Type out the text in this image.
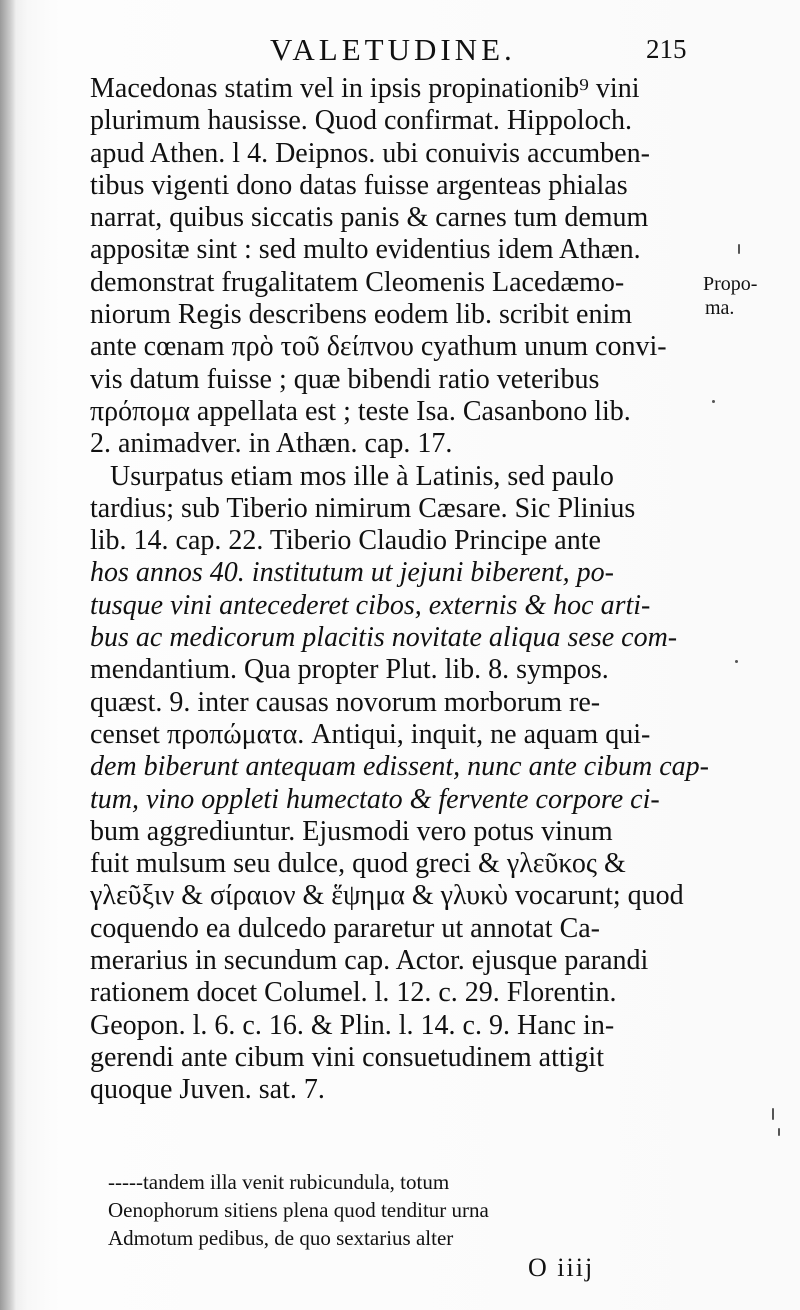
VALETUDINE.	215
Macedonas statim vel in ipsis propinationib⁹ vini
plurimum hausisse. Quod confirmat. Hippoloch.
apud Athen. l 4. Deipnos. ubi conuivis accumben-
tibus vigenti dono datas fuisse argenteas phialas
narrat, quibus siccatis panis & carnes tum demum
appositæ sint : sed multo evidentius idem Athæn.
demonstrat frugalitatem Cleomenis Lacedæmo-
niorum Regis describens eodem lib. scribit enim
ante cœnam πρὸ τοῦ δείπνου cyathum unum convi-
vis datum fuisse ; quæ bibendi ratio veteribus
πρόπομα appellata est ; teste Isa. Casanbono lib.
2. animadver. in Athæn. cap. 17.
Usurpatus etiam mos ille à Latinis, sed paulo
tardius; sub Tiberio nimirum Cæsare. Sic Plinius
lib. 14. cap. 22. Tiberio Claudio Principe ante
hos annos 40. institutum ut jejuni biberent, po-
tusque vini antecederet cibos, externis & hoc arti-
bus ac medicorum placitis novitate aliqua sese com-
mendantium. Qua propter Plut. lib. 8. sympos.
quæst. 9. inter causas novorum morborum re-
censet προπώματα. Antiqui, inquit, ne aquam qui-
dem biberunt antequam edissent, nunc ante cibum cap-
tum, vino oppleti humectato & fervente corpore ci-
bum aggrediuntur. Ejusmodi vero potus vinum
fuit mulsum seu dulce, quod greci & γλεῦκος &
γλεῦξιν & σίραιον & ἕψημα & γλυκὺ vocarunt; quod
coquendo ea dulcedo pararetur ut annotat Ca-
merarius in secundum cap. Actor. ejusque parandi
rationem docet Columel. l. 12. c. 29. Florentin.
Geopon. l. 6. c. 16. & Plin. l. 14. c. 9. Hanc in-
gerendi ante cibum vini consuetudinem attigit
quoque Juven. sat. 7.
Propo-
ma.
-----tandem illa venit rubicundula, totum
Oenophorum sitiens plena quod tenditur urna
Admotum pedibus, de quo sextarius alter
O iiij
